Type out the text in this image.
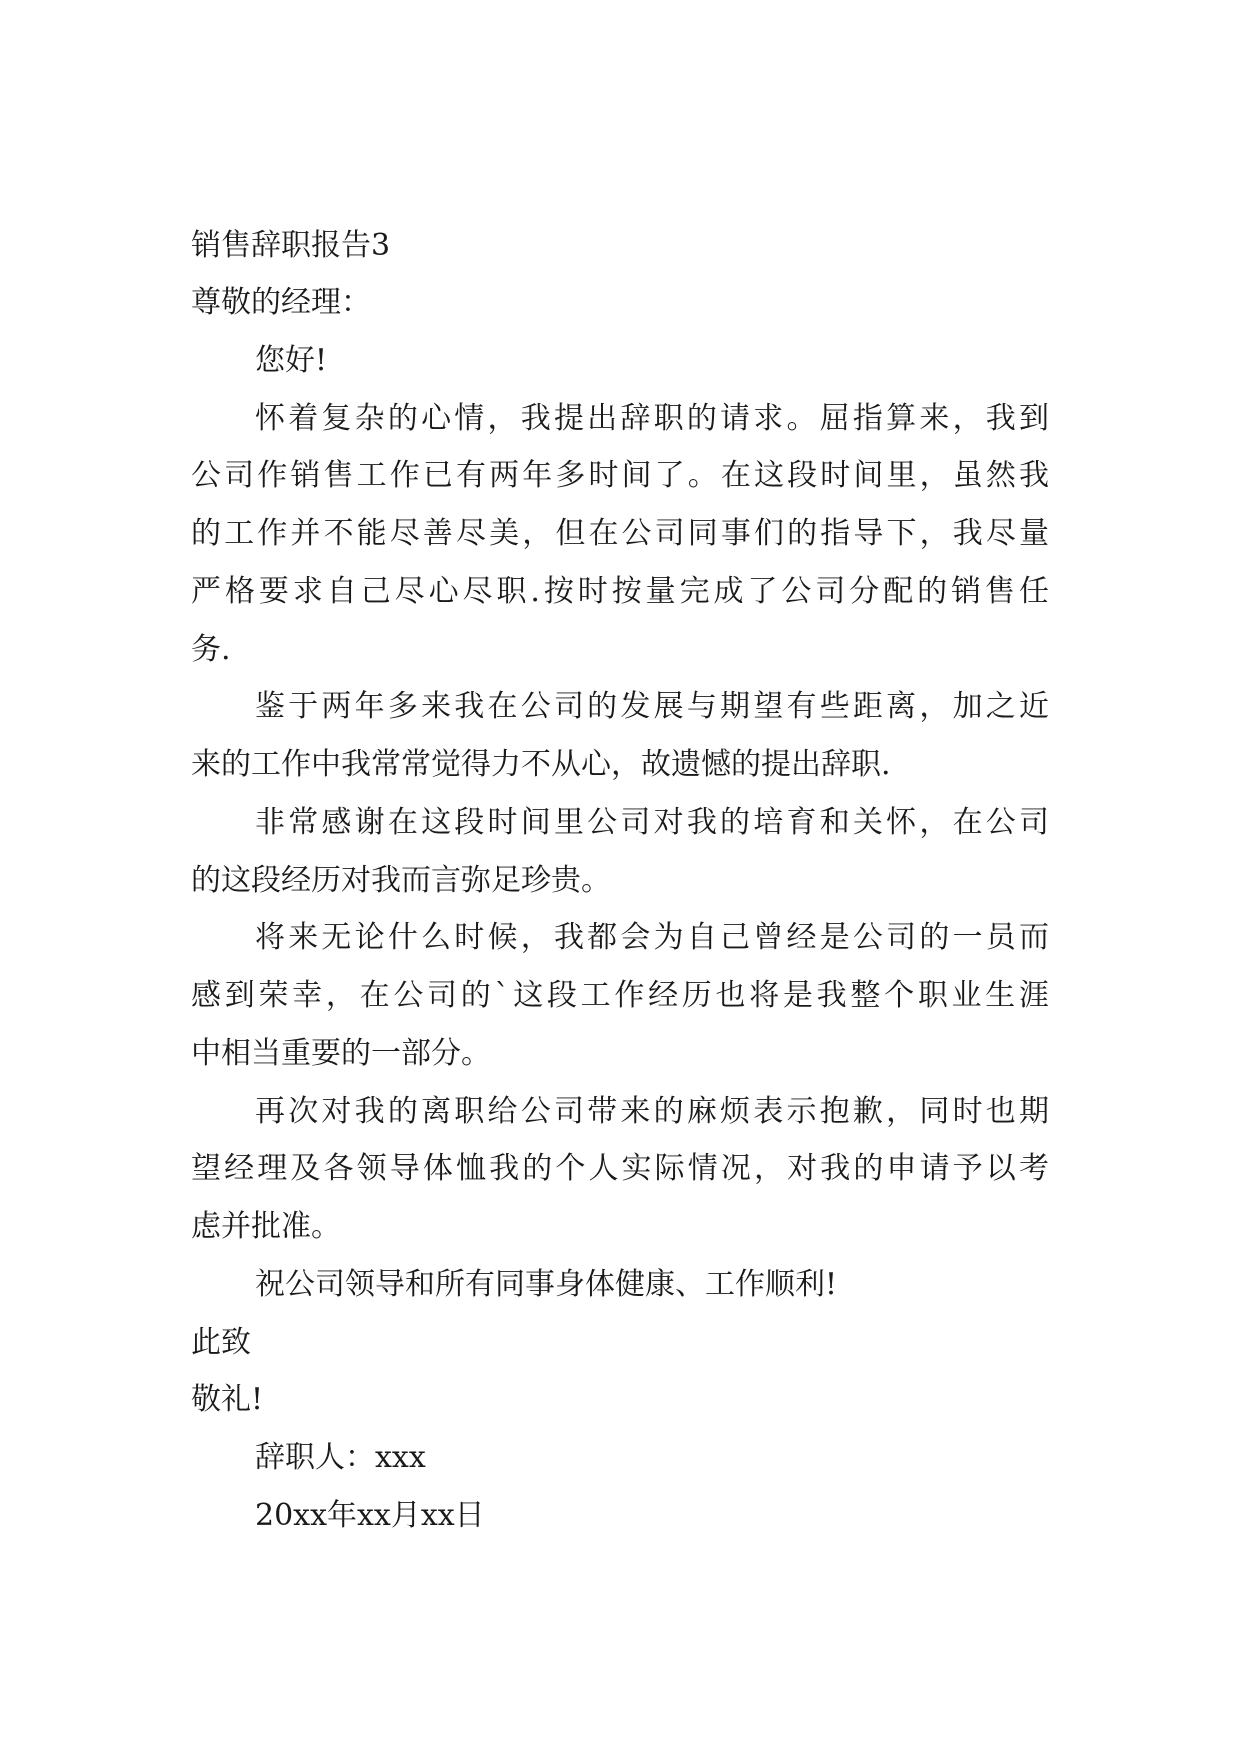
销售辞职报告3

尊敬的经理：

您好!

怀着复杂的心情，我提出辞职的请求。屈指算来，我到

公司作销售工作已有两年多时间了。在这段时间里，虽然我

的工作并不能尽善尽美，但在公司同事们的指导下，我尽量

严格要求自己尽心尽职.按时按量完成了公司分配的销售任

务.

鉴于两年多来我在公司的发展与期望有些距离，加之近

来的工作中我常常觉得力不从心，故遗憾的提出辞职.

非常感谢在这段时间里公司对我的培育和关怀，在公司

的这段经历对我而言弥足珍贵。

将来无论什么时候，我都会为自己曾经是公司的一员而

感到荣幸，在公司的`这段工作经历也将是我整个职业生涯

中相当重要的一部分。

再次对我的离职给公司带来的麻烦表示抱歉，同时也期

望经理及各领导体恤我的个人实际情况，对我的申请予以考

虑并批准。

祝公司领导和所有同事身体健康、工作顺利!

此致

敬礼!

辞职人：xxx

20xx年xx月xx日
